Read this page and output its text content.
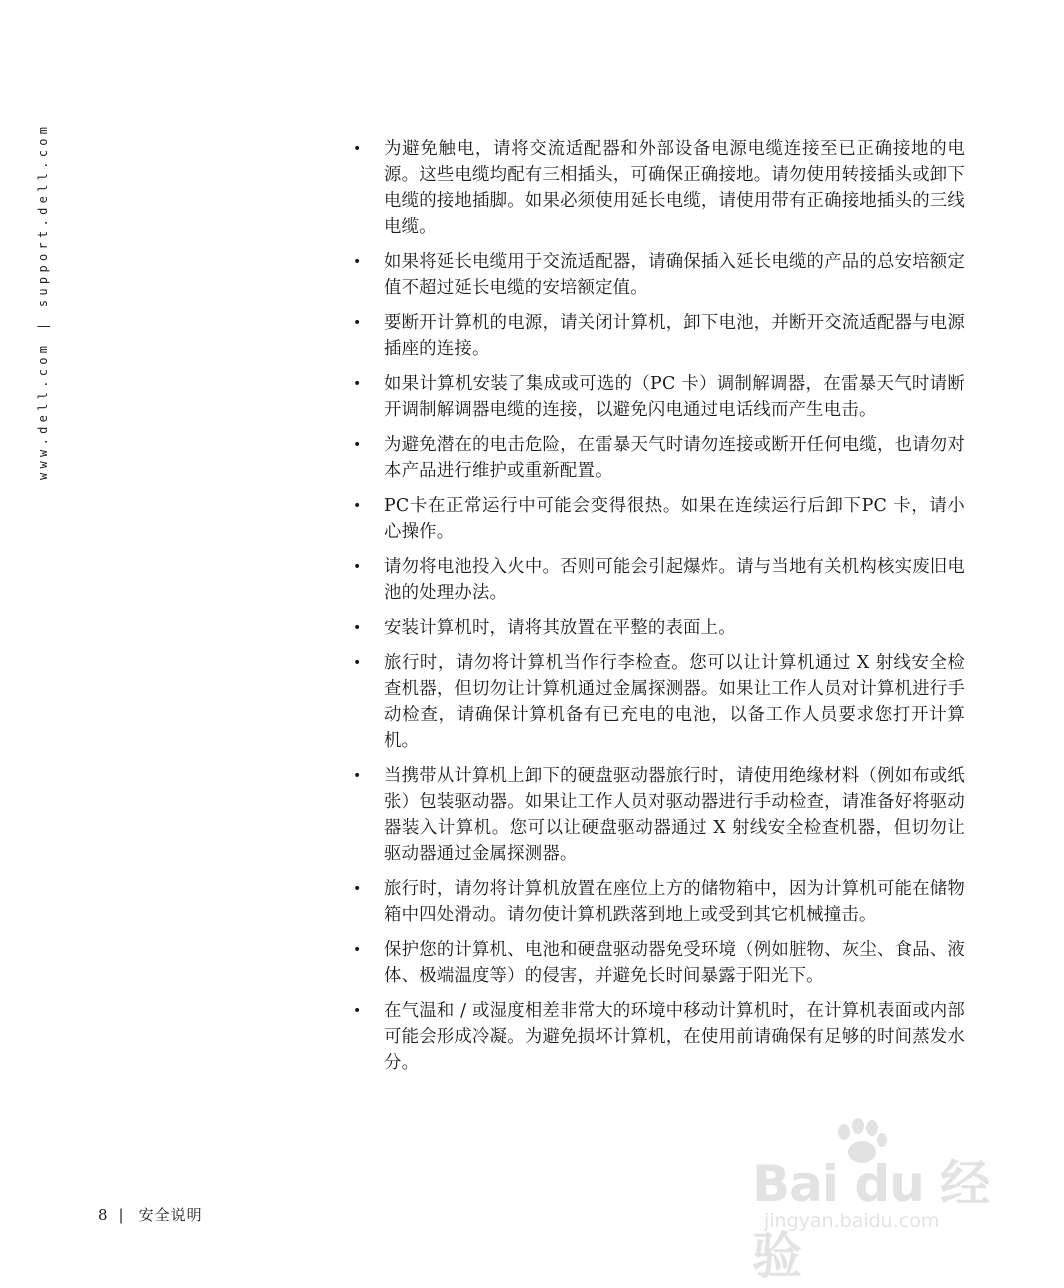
www.dell.com | support.dell.com	•	为避免触电，请将交流适配器和外部设备电源电缆连接至已正确接地的电源。这些电缆均配有三相插头，可确保正确接地。请勿使用转接插头或卸下电缆的接地插脚。如果必须使用延长电缆，请使用带有正确接地插头的三线电缆。
•	如果将延长电缆用于交流适配器，请确保插入延长电缆的产品的总安培额定值不超过延长电缆的安培额定值。
•	要断开计算机的电源，请关闭计算机，卸下电池，并断开交流适配器与电源插座的连接。
•	如果计算机安装了集成或可选的（PC 卡）调制解调器，在雷暴天气时请断开调制解调器电缆的连接，以避免闪电通过电话线而产生电击。
•	为避免潜在的电击危险，在雷暴天气时请勿连接或断开任何电缆，也请勿对本产品进行维护或重新配置。
•	PC卡在正常运行中可能会变得很热。如果在连续运行后卸下PC 卡，请小心操作。
•	请勿将电池投入火中。否则可能会引起爆炸。请与当地有关机构核实废旧电池的处理办法。
•	安装计算机时，请将其放置在平整的表面上。
•	旅行时，请勿将计算机当作行李检查。您可以让计算机通过 X 射线安全检查机器，但切勿让计算机通过金属探测器。如果让工作人员对计算机进行手动检查，请确保计算机备有已充电的电池，以备工作人员要求您打开计算机。
•	当携带从计算机上卸下的硬盘驱动器旅行时，请使用绝缘材料（例如布或纸张）包装驱动器。如果让工作人员对驱动器进行手动检查，请准备好将驱动器装入计算机。您可以让硬盘驱动器通过 X 射线安全检查机器，但切勿让驱动器通过金属探测器。
•	旅行时，请勿将计算机放置在座位上方的储物箱中，因为计算机可能在储物箱中四处滑动。请勿使计算机跌落到地上或受到其它机械撞击。
•	保护您的计算机、电池和硬盘驱动器免受环境（例如脏物、灰尘、食品、液体、极端温度等）的侵害，并避免长时间暴露于阳光下。
•	在气温和 / 或湿度相差非常大的环境中移动计算机时，在计算机表面或内部可能会形成冷凝。为避免损坏计算机，在使用前请确保有足够的时间蒸发水分。
8 | 安全说明
Bai du 经验
jingyan.baidu.com
